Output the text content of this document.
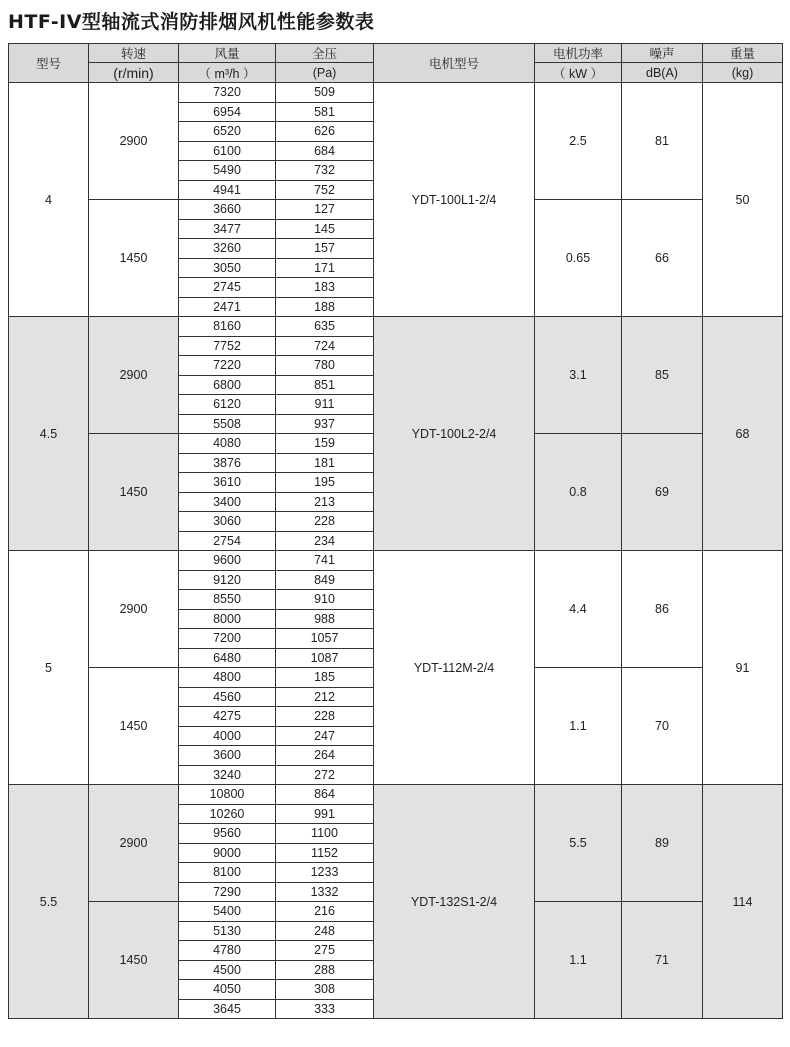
HTF-IV型轴流式消防排烟风机性能参数表
型号	转速	风量	全压	电机型号	电机功率	噪声	重量
	(r/min)	（ m³/h ）	(Pa)		（ kW ）	dB(A)	(kg)
4	2900	7320	509	YDT-100L1-2/4	2.5	81	50
		6954	581				
		6520	626				
		6100	684				
		5490	732				
		4941	752				
	1450	3660	127		0.65	66	
		3477	145				
		3260	157				
		3050	171				
		2745	183				
		2471	188				
4.5	2900	8160	635	YDT-100L2-2/4	3.1	85	68
		7752	724				
		7220	780				
		6800	851				
		6120	911				
		5508	937				
	1450	4080	159		0.8	69	
		3876	181				
		3610	195				
		3400	213				
		3060	228				
		2754	234				
5	2900	9600	741	YDT-112M-2/4	4.4	86	91
		9120	849				
		8550	910				
		8000	988				
		7200	1057				
		6480	1087				
	1450	4800	185		1.1	70	
		4560	212				
		4275	228				
		4000	247				
		3600	264				
		3240	272				
5.5	2900	10800	864	YDT-132S1-2/4	5.5	89	114
		10260	991				
		9560	1100				
		9000	1152				
		8100	1233				
		7290	1332				
	1450	5400	216		1.1	71	
		5130	248				
		4780	275				
		4500	288				
		4050	308				
		3645	333				
